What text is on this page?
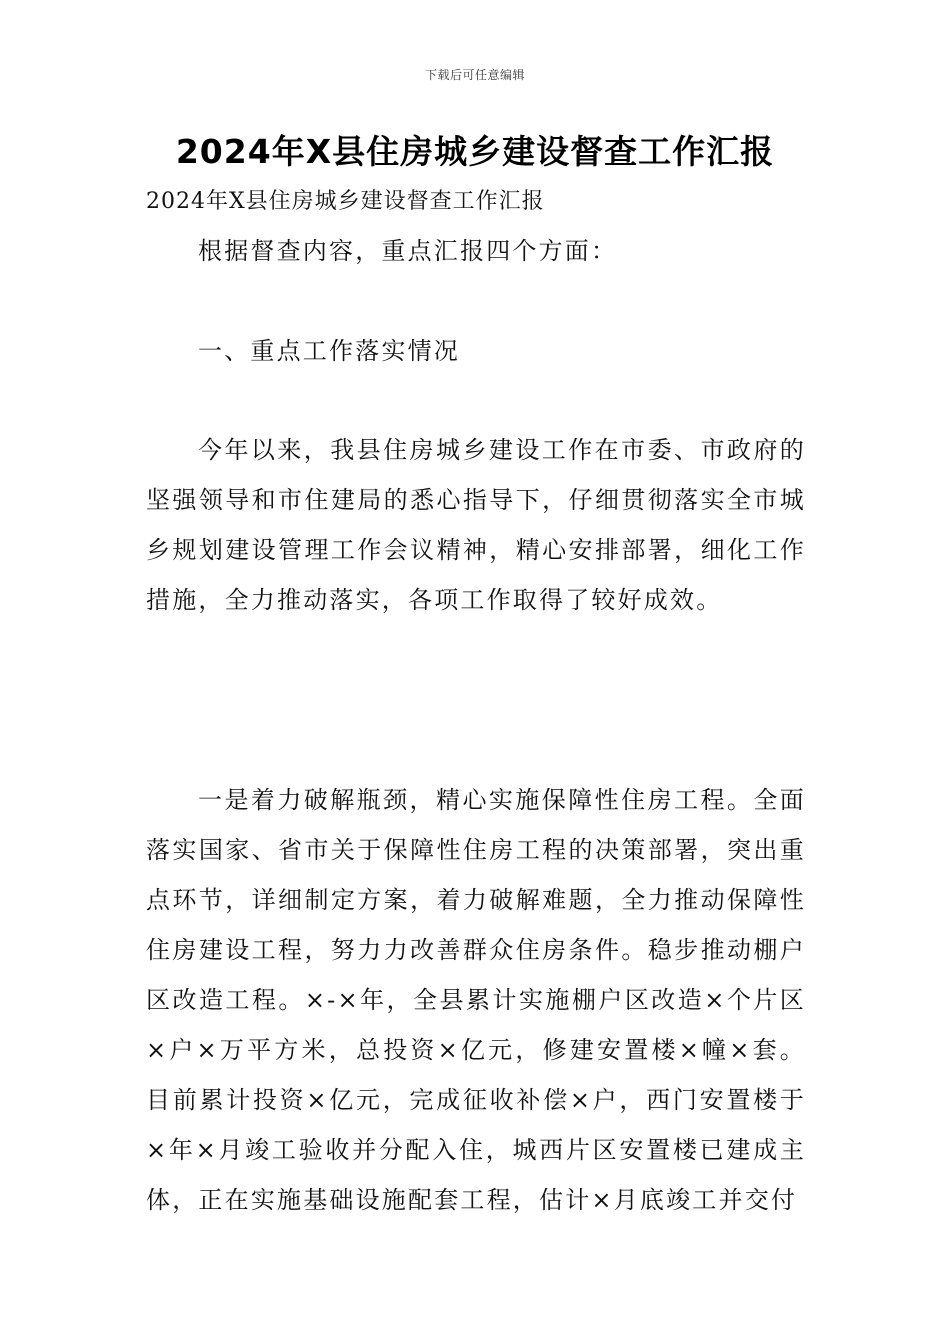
下载后可任意编辑
2024年X县住房城乡建设督查工作汇报
2024年X县住房城乡建设督查工作汇报

根据督查内容，重点汇报四个方面：

一、重点工作落实情况

今年以来，我县住房城乡建设工作在市委、市政府的坚强领导和市住建局的悉心指导下，仔细贯彻落实全市城乡规划建设管理工作会议精神，精心安排部署，细化工作措施，全力推动落实，各项工作取得了较好成效。

一是着力破解瓶颈，精心实施保障性住房工程。全面落实国家、省市关于保障性住房工程的决策部署，突出重点环节，详细制定方案，着力破解难题，全力推动保障性住房建设工程，努力力改善群众住房条件。稳步推动棚户区改造工程。×-×年，全县累计实施棚户区改造×个片区×户×万平方米，总投资×亿元，修建安置楼×幢×套。目前累计投资×亿元，完成征收补偿×户，西门安置楼于×年×月竣工验收并分配入住，城西片区安置楼已建成主体，正在实施基础设施配套工程，估计×月底竣工并交付
